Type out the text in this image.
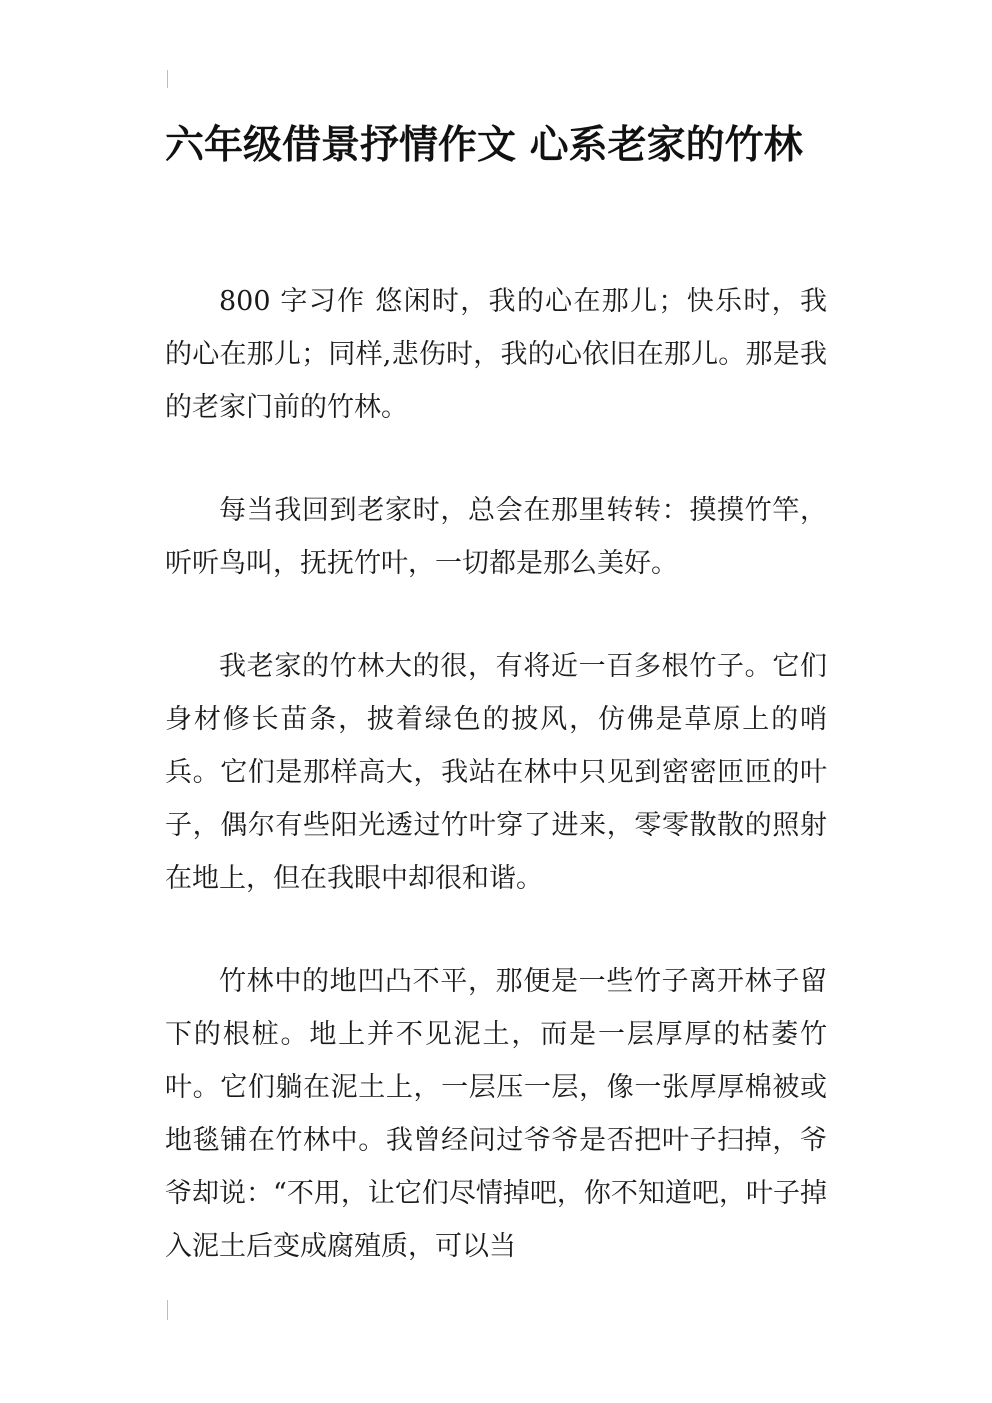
六年级借景抒情作文 心系老家的竹林

800 字习作 悠闲时，我的心在那儿；快乐时，我的心在那儿；同样,悲伤时，我的心依旧在那儿。那是我的老家门前的竹林。

每当我回到老家时，总会在那里转转：摸摸竹竿，听听鸟叫，抚抚竹叶，一切都是那么美好。

我老家的竹林大的很，有将近一百多根竹子。它们身材修长苗条，披着绿色的披风，仿佛是草原上的哨兵。它们是那样高大，我站在林中只见到密密匝匝的叶子，偶尔有些阳光透过竹叶穿了进来，零零散散的照射在地上，但在我眼中却很和谐。

竹林中的地凹凸不平，那便是一些竹子离开林子留下的根桩。地上并不见泥土，而是一层厚厚的枯萎竹叶。它们躺在泥土上，一层压一层，像一张厚厚棉被或地毯铺在竹林中。我曾经问过爷爷是否把叶子扫掉，爷爷却说：“不用，让它们尽情掉吧，你不知道吧，叶子掉入泥土后变成腐殖质，可以当
